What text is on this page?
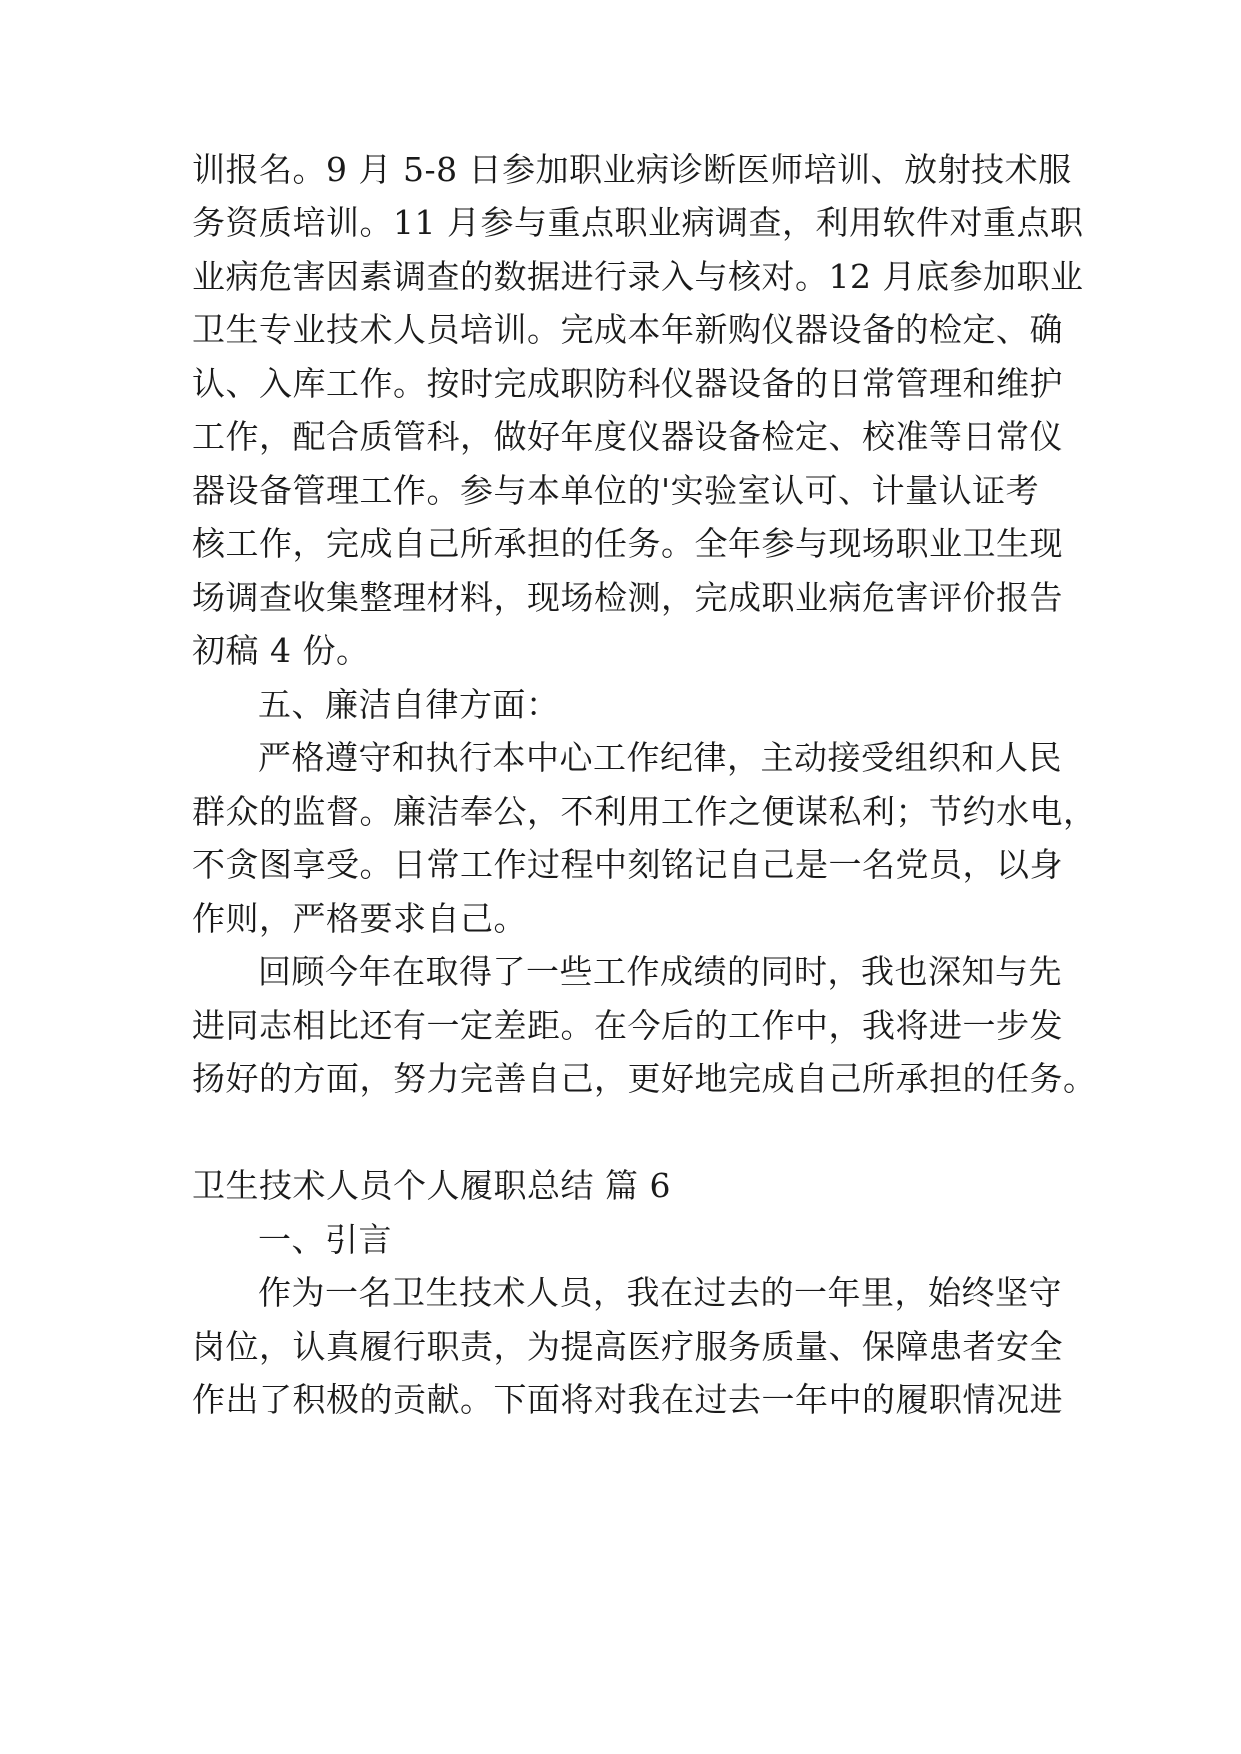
训报名。9 月 5-8 日参加职业病诊断医师培训、放射技术服
务资质培训。11 月参与重点职业病调查，利用软件对重点职
业病危害因素调查的数据进行录入与核对。12 月底参加职业
卫生专业技术人员培训。完成本年新购仪器设备的检定、确
认、入库工作。按时完成职防科仪器设备的日常管理和维护
工作，配合质管科，做好年度仪器设备检定、校准等日常仪
器设备管理工作。参与本单位的'实验室认可、计量认证考
核工作，完成自己所承担的任务。全年参与现场职业卫生现
场调查收集整理材料，现场检测，完成职业病危害评价报告
初稿 4 份。
五、廉洁自律方面：
严格遵守和执行本中心工作纪律，主动接受组织和人民
群众的监督。廉洁奉公，不利用工作之便谋私利；节约水电，
不贪图享受。日常工作过程中刻铭记自己是一名党员，以身
作则，严格要求自己。
回顾今年在取得了一些工作成绩的同时，我也深知与先
进同志相比还有一定差距。在今后的工作中，我将进一步发
扬好的方面，努力完善自己，更好地完成自己所承担的任务。
卫生技术人员个人履职总结 篇 6
一、引言
作为一名卫生技术人员，我在过去的一年里，始终坚守
岗位，认真履行职责，为提高医疗服务质量、保障患者安全
作出了积极的贡献。下面将对我在过去一年中的履职情况进
